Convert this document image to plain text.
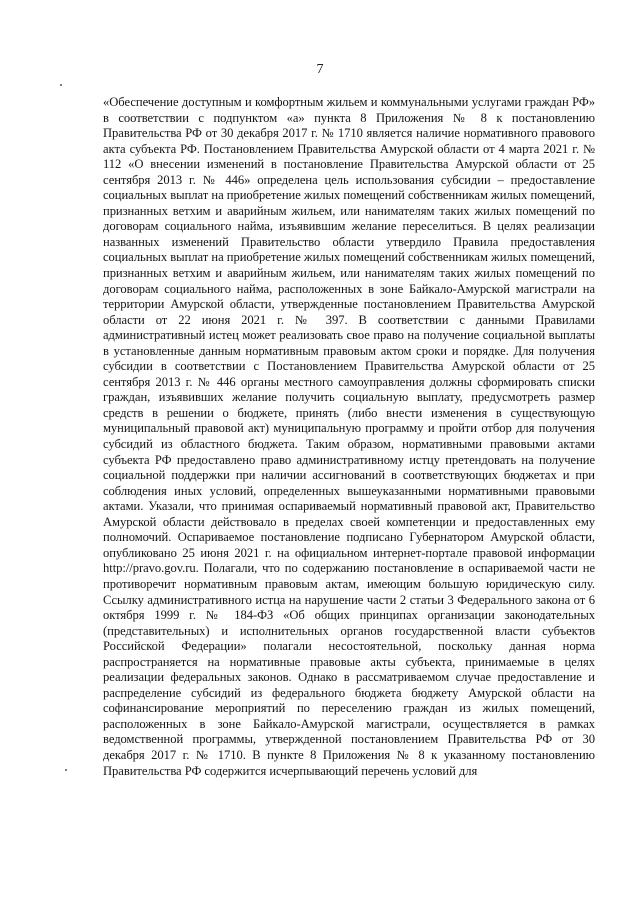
7

«Обеспечение доступным и комфортным жильем и коммунальными услугами граждан РФ» в соответствии с подпунктом «а» пункта 8 Приложения № 8 к постановлению Правительства РФ от 30 декабря 2017 г. № 1710 является наличие нормативного правового акта субъекта РФ. Постановлением Правительства Амурской области от 4 марта 2021 г. № 112 «О внесении изменений в постановление Правительства Амурской области от 25 сентября 2013 г. № 446» определена цель использования субсидии – предоставление социальных выплат на приобретение жилых помещений собственникам жилых помещений, признанных ветхим и аварийным жильем, или нанимателям таких жилых помещений по договорам социального найма, изъявившим желание переселиться. В целях реализации названных изменений Правительство области утвердило Правила предоставления социальных выплат на приобретение жилых помещений собственникам жилых помещений, признанных ветхим и аварийным жильем, или нанимателям таких жилых помещений по договорам социального найма, расположенных в зоне Байкало-Амурской магистрали на территории Амурской области, утвержденные постановлением Правительства Амурской области от 22 июня 2021 г. № 397. В соответствии с данными Правилами административный истец может реализовать свое право на получение социальной выплаты в установленные данным нормативным правовым актом сроки и порядке. Для получения субсидии в соответствии с Постановлением Правительства Амурской области от 25 сентября 2013 г. № 446 органы местного самоуправления должны сформировать списки граждан, изъявивших желание получить социальную выплату, предусмотреть размер средств в решении о бюджете, принять (либо внести изменения в существующую муниципальный правовой акт) муниципальную программу и пройти отбор для получения субсидий из областного бюджета. Таким образом, нормативными правовыми актами субъекта РФ предоставлено право административному истцу претендовать на получение социальной поддержки при наличии ассигнований в соответствующих бюджетах и при соблюдения иных условий, определенных вышеуказанными нормативными правовыми актами. Указали, что принимая оспариваемый нормативный правовой акт, Правительство Амурской области действовало в пределах своей компетенции и предоставленных ему полномочий. Оспариваемое постановление подписано Губернатором Амурской области, опубликовано 25 июня 2021 г. на официальном интернет-портале правовой информации http://pravo.gov.ru. Полагали, что по содержанию постановление в оспариваемой части не противоречит нормативным правовым актам, имеющим большую юридическую силу. Ссылку административного истца на нарушение части 2 статьи 3 Федерального закона от 6 октября 1999 г. № 184-ФЗ «Об общих принципах организации законодательных (представительных) и исполнительных органов государственной власти субъектов Российской Федерации» полагали несостоятельной, поскольку данная норма распространяется на нормативные правовые акты субъекта, принимаемые в целях реализации федеральных законов. Однако в рассматриваемом случае предоставление и распределение субсидий из федерального бюджета бюджету Амурской области на софинансирование мероприятий по переселению граждан из жилых помещений, расположенных в зоне Байкало-Амурской магистрали, осуществляется в рамках ведомственной программы, утвержденной постановлением Правительства РФ от 30 декабря 2017 г. № 1710. В пункте 8 Приложения № 8 к указанному постановлению Правительства РФ содержится исчерпывающий перечень условий для
